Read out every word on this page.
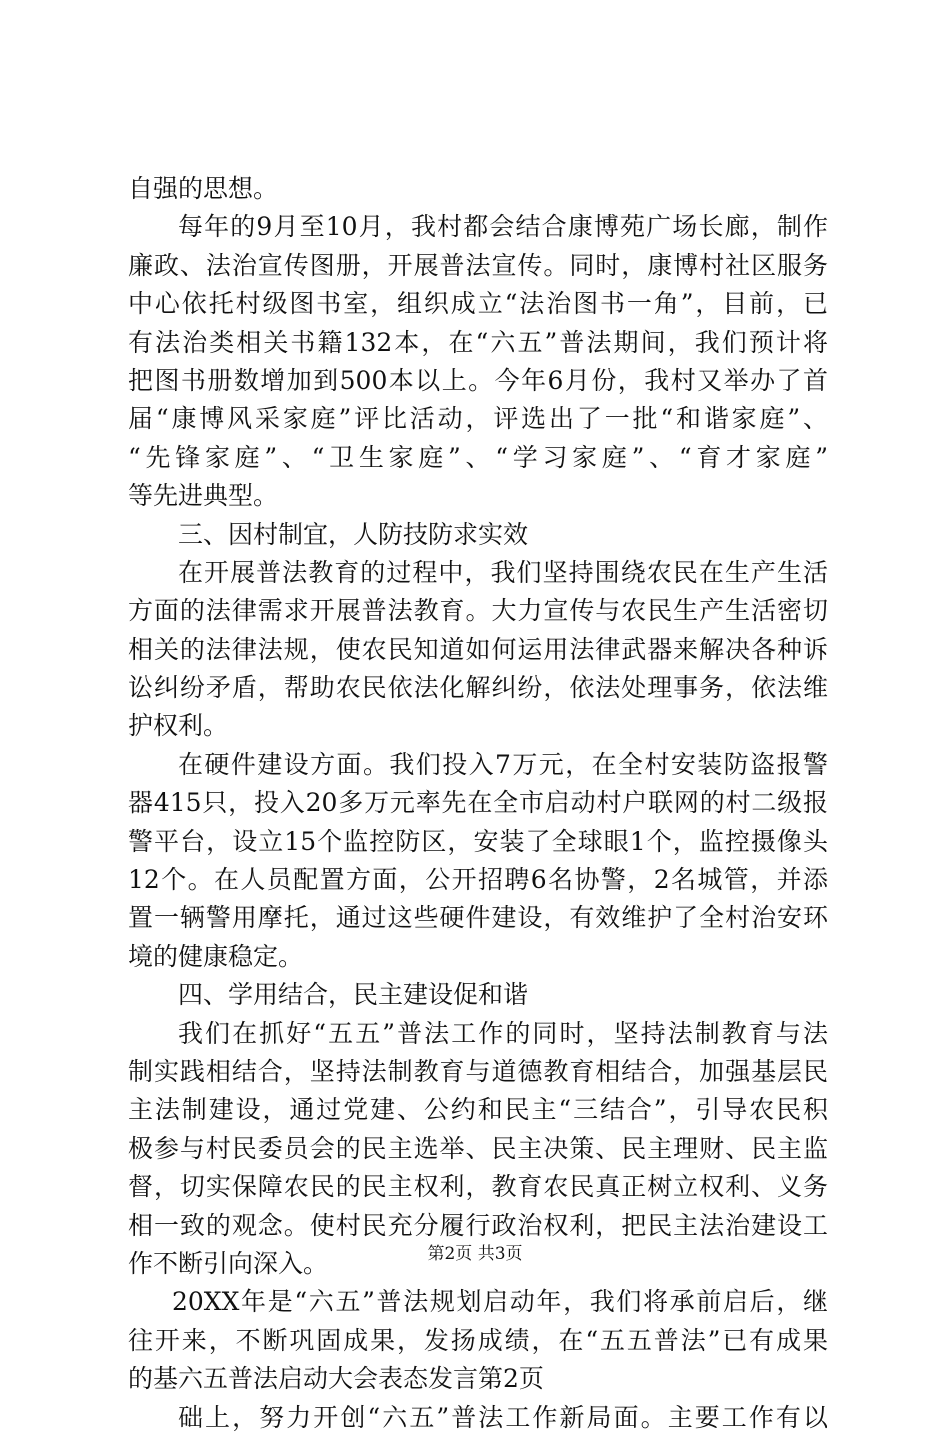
自强的思想。
每年的9月至10月，我村都会结合康博苑广场长廊，制作
廉政、法治宣传图册，开展普法宣传。同时，康博村社区服务
中心依托村级图书室，组织成立“法治图书一角”，目前，已
有法治类相关书籍132本，在“六五”普法期间，我们预计将
把图书册数增加到500本以上。今年6月份，我村又举办了首
届“康博风采家庭”评比活动，评选出了一批“和谐家庭”、
“先锋家庭”、“卫生家庭”、“学习家庭”、“育才家庭”
等先进典型。
三、因村制宜，人防技防求实效
在开展普法教育的过程中，我们坚持围绕农民在生产生活
方面的法律需求开展普法教育。大力宣传与农民生产生活密切
相关的法律法规，使农民知道如何运用法律武器来解决各种诉
讼纠纷矛盾，帮助农民依法化解纠纷，依法处理事务，依法维
护权利。
在硬件建设方面。我们投入7万元，在全村安装防盗报警
器415只，投入20多万元率先在全市启动村户联网的村二级报
警平台，设立15个监控防区，安装了全球眼1个，监控摄像头
12个。在人员配置方面，公开招聘6名协警，2名城管，并添
置一辆警用摩托，通过这些硬件建设，有效维护了全村治安环
境的健康稳定。
四、学用结合，民主建设促和谐
我们在抓好“五五”普法工作的同时，坚持法制教育与法
制实践相结合，坚持法制教育与道德教育相结合，加强基层民
主法制建设，通过党建、公约和民主“三结合”，引导农民积
极参与村民委员会的民主选举、民主决策、民主理财、民主监
督，切实保障农民的民主权利，教育农民真正树立权利、义务
相一致的观念。使村民充分履行政治权利，把民主法治建设工
作不断引向深入。
20XX年是“六五”普法规划启动年，我们将承前启后，继
往开来，不断巩固成果，发扬成绩，在“五五普法”已有成果
的基六五普法启动大会表态发言第2页
础上，努力开创“六五”普法工作新局面。主要工作有以
第2页 共3页
